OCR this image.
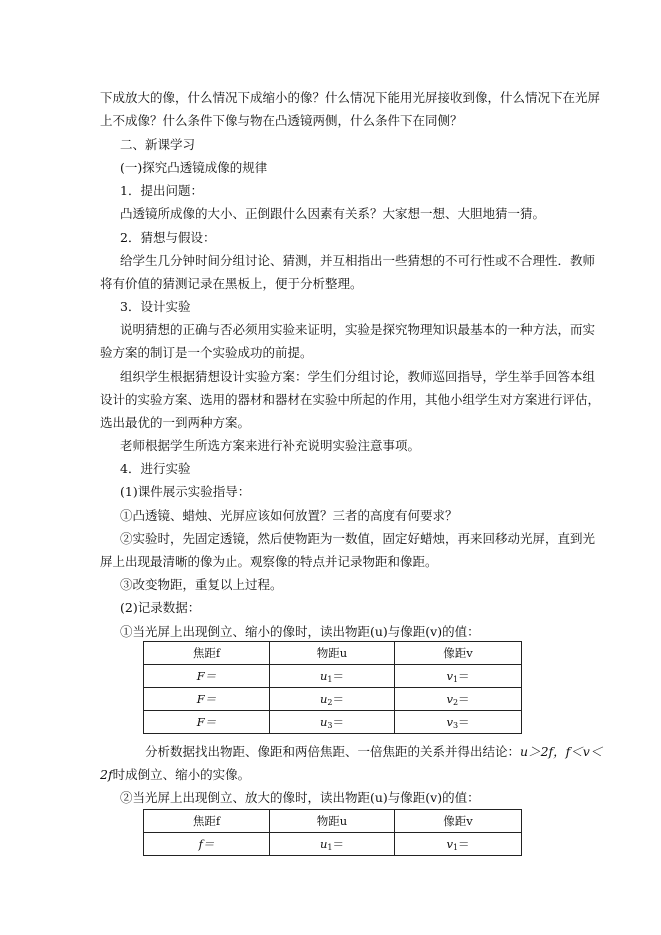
下成放大的像，什么情况下成缩小的像？什么情况下能用光屏接收到像，什么情况下在光屏
上不成像？什么条件下像与物在凸透镜两侧，什么条件下在同侧？
二、新课学习
(一)探究凸透镜成像的规律
1．提出问题：
凸透镜所成像的大小、正倒跟什么因素有关系？大家想一想、大胆地猜一猜。
2．猜想与假设：
给学生几分钟时间分组讨论、猜测，并互相指出一些猜想的不可行性或不合理性．教师
将有价值的猜测记录在黑板上，便于分析整理。
3．设计实验
说明猜想的正确与否必须用实验来证明，实验是探究物理知识最基本的一种方法，而实
验方案的制订是一个实验成功的前提。
组织学生根据猜想设计实验方案：学生们分组讨论，教师巡回指导，学生举手回答本组
设计的实验方案、选用的器材和器材在实验中所起的作用，其他小组学生对方案进行评估，
选出最优的一到两种方案。
老师根据学生所选方案来进行补充说明实验注意事项。
4．进行实验
(1)课件展示实验指导：
①凸透镜、蜡烛、光屏应该如何放置？三者的高度有何要求？
②实验时，先固定透镜，然后使物距为一数值，固定好蜡烛，再来回移动光屏，直到光
屏上出现最清晰的像为止。观察像的特点并记录物距和像距。
③改变物距，重复以上过程。
(2)记录数据：
①当光屏上出现倒立、缩小的像时，读出物距(u)与像距(v)的值：
焦距f	物距u	像距v
F＝	$u_1=$	$v_1=$
F＝	$u_2=$	$v_2=$
F＝	$u_3=$	$v_3=$
分析数据找出物距、像距和两倍焦距、一倍焦距的关系并得出结论：u＞2f，f＜v＜
2f时成倒立、缩小的实像。
②当光屏上出现倒立、放大的像时，读出物距(u)与像距(v)的值：
焦距f	物距u	像距v
f＝	$u_1=$	$v_1=$
